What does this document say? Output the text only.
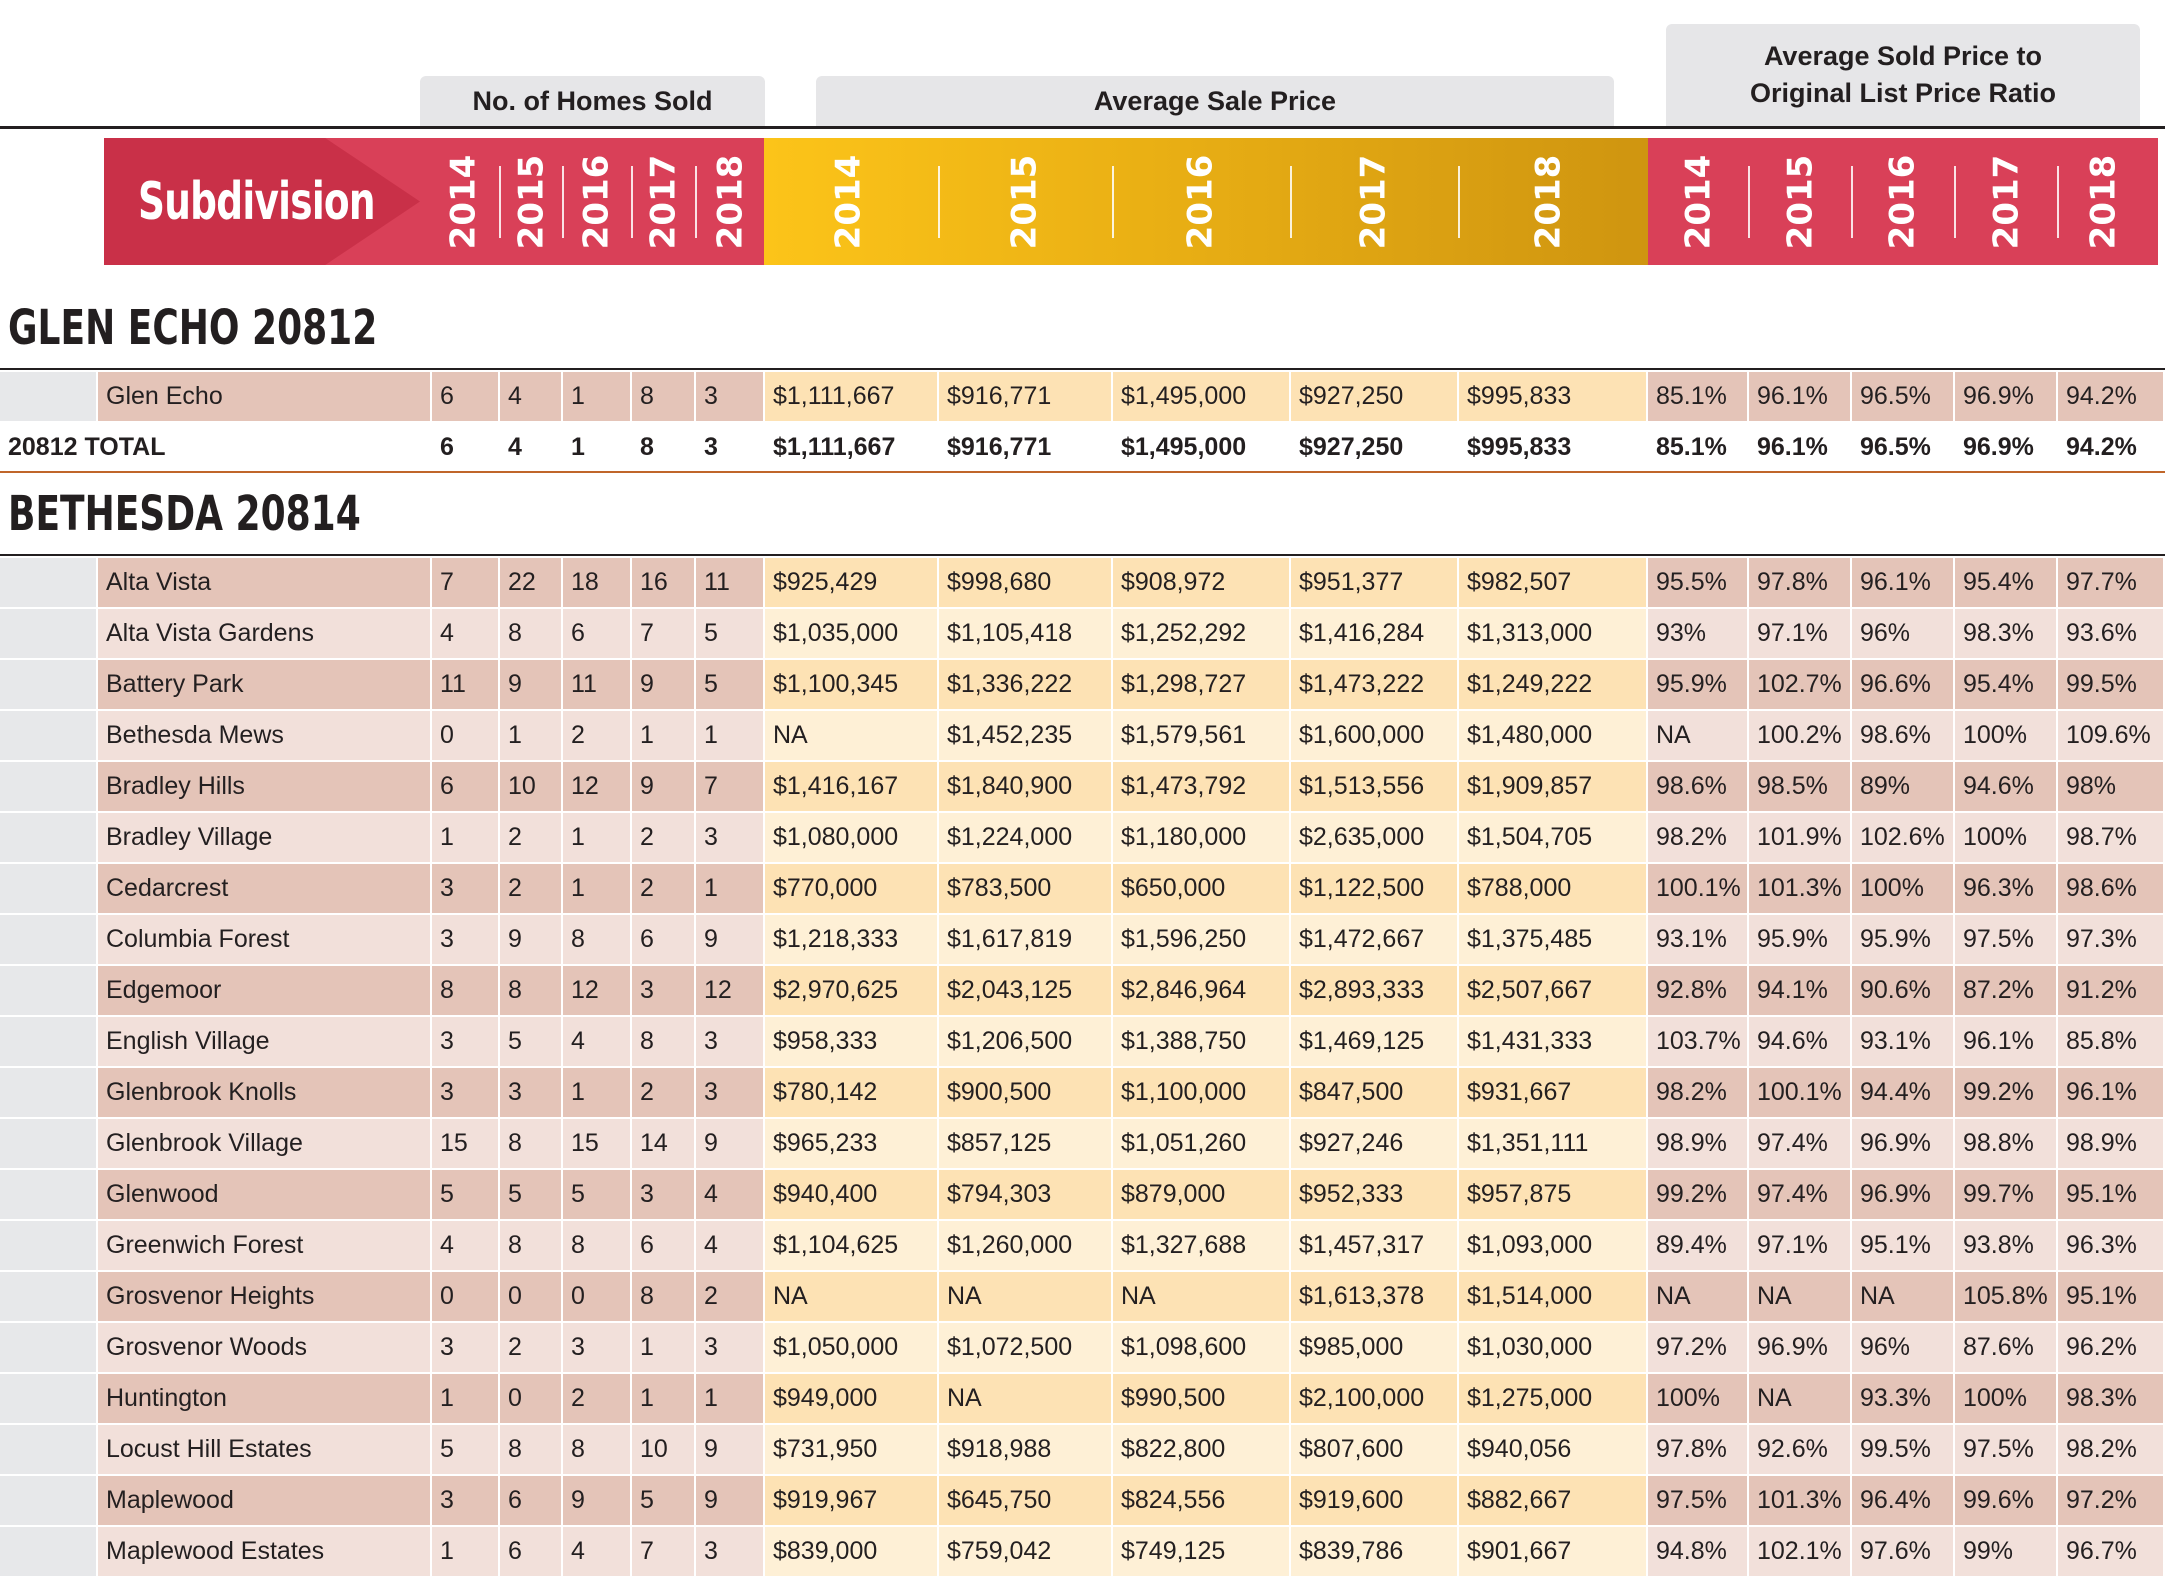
No. of Homes Sold	Average Sale Price
Average Sold Price to
Original List Price Ratio
Subdivision 2014 2015 2016 2017 2018 2014	2015	2016	2017	2018	2014 2015 2016 2017 2018
GLEN ECHO 20812
Glen Echo	6	4	1	8	3	$1,111,667	$916,771	$1,495,000	$927,250	$995,833	85.1%	96.1%	96.5%	96.9%	94.2%
20812 TOTAL	6	4	1	8	3	$1,111,667	$916,771	$1,495,000	$927,250	$995,833	85.1%	96.1%	96.5%	96.9%	94.2%
BETHESDA 20814
Alta Vista	7	22	18	16	11	$925,429	$998,680	$908,972	$951,377	$982,507	95.5%	97.8%	96.1%	95.4%	97.7%
Alta Vista Gardens	4	8	6	7	5	$1,035,000	$1,105,418	$1,252,292	$1,416,284	$1,313,000	93%	97.1%	96%	98.3%	93.6%
Battery Park	11	9	11	9	5	$1,100,345	$1,336,222	$1,298,727	$1,473,222	$1,249,222	95.9%	102.7% 96.6%	95.4%	99.5%
Bethesda Mews	0	1	2	1	1	NA	$1,452,235	$1,579,561	$1,600,000	$1,480,000	NA	100.2% 98.6%	100%	109.6%
Bradley Hills	6	10	12	9	7	$1,416,167	$1,840,900	$1,473,792	$1,513,556	$1,909,857	98.6%	98.5%	89%	94.6%	98%
Bradley Village	1	2	1	2	3	$1,080,000	$1,224,000	$1,180,000	$2,635,000	$1,504,705	98.2%	101.9% 102.6% 100%	98.7%
Cedarcrest	3	2	1	2	1	$770,000	$783,500	$650,000	$1,122,500	$788,000	100.1% 101.3% 100%	96.3%	98.6%
Columbia Forest	3	9	8	6	9	$1,218,333	$1,617,819	$1,596,250	$1,472,667	$1,375,485	93.1%	95.9%	95.9%	97.5%	97.3%
Edgemoor	8	8	12	3	12	$2,970,625	$2,043,125	$2,846,964	$2,893,333	$2,507,667	92.8%	94.1%	90.6%	87.2%	91.2%
English Village	3	5	4	8	3	$958,333	$1,206,500	$1,388,750	$1,469,125	$1,431,333	103.7% 94.6%	93.1%	96.1%	85.8%
Glenbrook Knolls	3	3	1	2	3	$780,142	$900,500	$1,100,000	$847,500	$931,667	98.2%	100.1% 94.4%	99.2%	96.1%
Glenbrook Village	15	8	15	14	9	$965,233	$857,125	$1,051,260	$927,246	$1,351,111	98.9%	97.4%	96.9%	98.8%	98.9%
Glenwood	5	5	5	3	4	$940,400	$794,303	$879,000	$952,333	$957,875	99.2%	97.4%	96.9%	99.7%	95.1%
Greenwich Forest	4	8	8	6	4	$1,104,625	$1,260,000	$1,327,688	$1,457,317	$1,093,000	89.4%	97.1%	95.1%	93.8%	96.3%
Grosvenor Heights	0	0	0	8	2	NA	NA	NA	$1,613,378	$1,514,000	NA	NA	NA	105.8% 95.1%
Grosvenor Woods	3	2	3	1	3	$1,050,000	$1,072,500	$1,098,600	$985,000	$1,030,000	97.2%	96.9%	96%	87.6%	96.2%
Huntington	1	0	2	1	1	$949,000	NA	$990,500	$2,100,000	$1,275,000	100%	NA	93.3%	100%	98.3%
Locust Hill Estates	5	8	8	10	9	$731,950	$918,988	$822,800	$807,600	$940,056	97.8%	92.6%	99.5%	97.5%	98.2%
Maplewood	3	6	9	5	9	$919,967	$645,750	$824,556	$919,600	$882,667	97.5%	101.3% 96.4%	99.6%	97.2%
Maplewood Estates	1	6	4	7	3	$839,000	$759,042	$749,125	$839,786	$901,667	94.8%	102.1% 97.6%	99%	96.7%
